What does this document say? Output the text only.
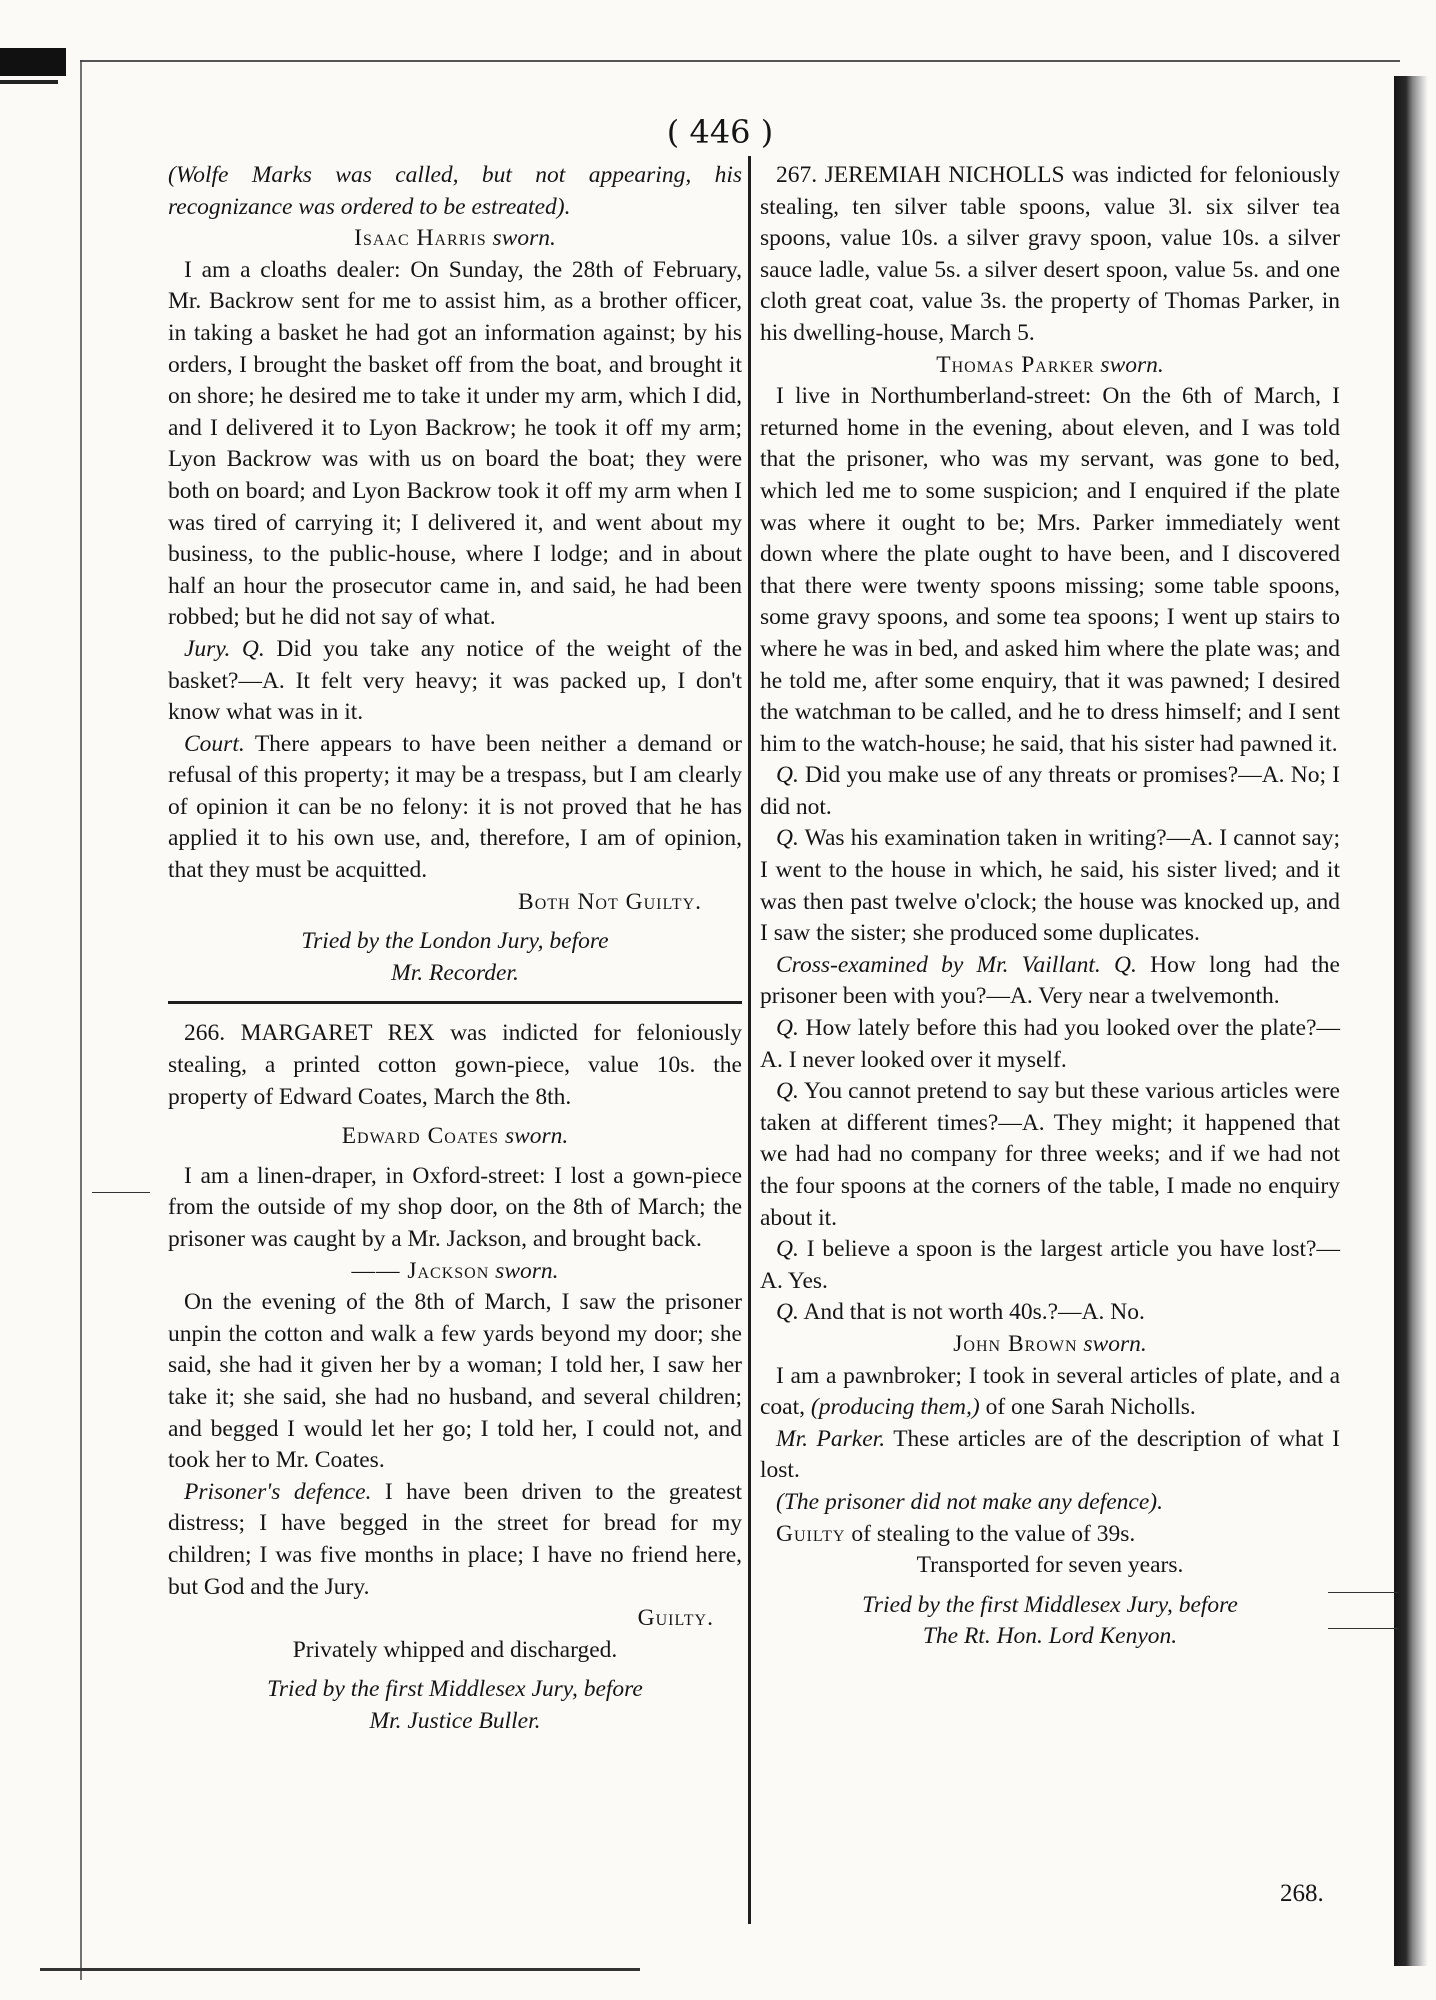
( 446 )

(Wolfe Marks was called, but not appearing, his recognizance was ordered to be estreated).

Isaac Harris sworn.

I am a cloaths dealer: On Sunday, the 28th of February, Mr. Backrow sent for me to assist him, as a brother officer, in taking a basket he had got an information against; by his orders, I brought the basket off from the boat, and brought it on shore; he desired me to take it under my arm, which I did, and I delivered it to Lyon Backrow; he took it off my arm; Lyon Backrow was with us on board the boat; they were both on board; and Lyon Backrow took it off my arm when I was tired of carrying it; I delivered it, and went about my business, to the public-house, where I lodge; and in about half an hour the prosecutor came in, and said, he had been robbed; but he did not say of what.

Jury. Q. Did you take any notice of the weight of the basket?—A. It felt very heavy; it was packed up, I don't know what was in it.

Court. There appears to have been neither a demand or refusal of this property; it may be a trespass, but I am clearly of opinion it can be no felony: it is not proved that he has applied it to his own use, and, therefore, I am of opinion, that they must be acquitted.

Both Not Guilty.

Tried by the London Jury, before

Mr. Recorder.

266. MARGARET REX was indicted for feloniously stealing, a printed cotton gown-piece, value 10s. the property of Edward Coates, March the 8th.

Edward Coates sworn.

I am a linen-draper, in Oxford-street: I lost a gown-piece from the outside of my shop door, on the 8th of March; the prisoner was caught by a Mr. Jackson, and brought back.

—— Jackson sworn.

On the evening of the 8th of March, I saw the prisoner unpin the cotton and walk a few yards beyond my door; she said, she had it given her by a woman; I told her, I saw her take it; she said, she had no husband, and several children; and begged I would let her go; I told her, I could not, and took her to Mr. Coates.

Prisoner's defence. I have been driven to the greatest distress; I have begged in the street for bread for my children; I was five months in place; I have no friend here, but God and the Jury.

Guilty.

Privately whipped and discharged.

Tried by the first Middlesex Jury, before

Mr. Justice Buller.

267. JEREMIAH NICHOLLS was indicted for feloniously stealing, ten silver table spoons, value 3l. six silver tea spoons, value 10s. a silver gravy spoon, value 10s. a silver sauce ladle, value 5s. a silver desert spoon, value 5s. and one cloth great coat, value 3s. the property of Thomas Parker, in his dwelling-house, March 5.

Thomas Parker sworn.

I live in Northumberland-street: On the 6th of March, I returned home in the evening, about eleven, and I was told that the prisoner, who was my servant, was gone to bed, which led me to some suspicion; and I enquired if the plate was where it ought to be; Mrs. Parker immediately went down where the plate ought to have been, and I discovered that there were twenty spoons missing; some table spoons, some gravy spoons, and some tea spoons; I went up stairs to where he was in bed, and asked him where the plate was; and he told me, after some enquiry, that it was pawned; I desired the watchman to be called, and he to dress himself; and I sent him to the watch-house; he said, that his sister had pawned it.

Q. Did you make use of any threats or promises?—A. No; I did not.

Q. Was his examination taken in writing?—A. I cannot say; I went to the house in which, he said, his sister lived; and it was then past twelve o'clock; the house was knocked up, and I saw the sister; she produced some duplicates.

Cross-examined by Mr. Vaillant. Q. How long had the prisoner been with you?—A. Very near a twelvemonth.

Q. How lately before this had you looked over the plate?—A. I never looked over it myself.

Q. You cannot pretend to say but these various articles were taken at different times?—A. They might; it happened that we had had no company for three weeks; and if we had not the four spoons at the corners of the table, I made no enquiry about it.

Q. I believe a spoon is the largest article you have lost?—A. Yes.

Q. And that is not worth 40s.?—A. No.

John Brown sworn.

I am a pawnbroker; I took in several articles of plate, and a coat, (producing them,) of one Sarah Nicholls.

Mr. Parker. These articles are of the description of what I lost.

(The prisoner did not make any defence).

Guilty of stealing to the value of 39s.

Transported for seven years.

Tried by the first Middlesex Jury, before

The Rt. Hon. Lord Kenyon.

268.
